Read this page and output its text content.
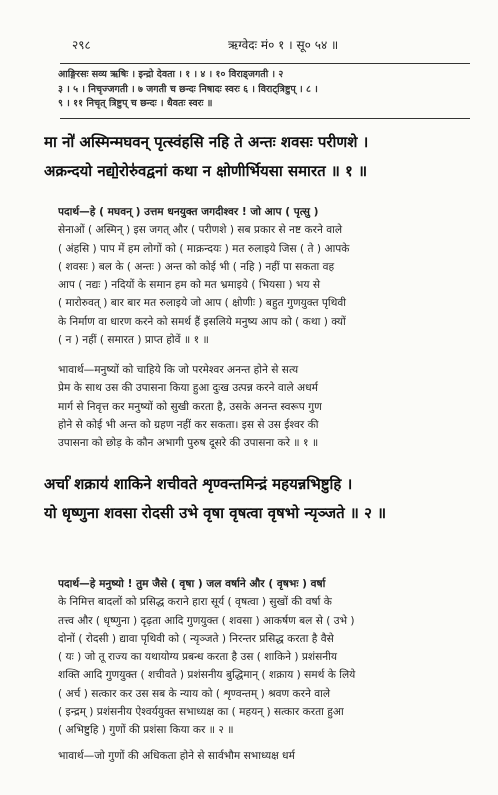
२९८	ऋग्वेदः मं० १ । सू० ५४ ॥
आङ्गिरसः सव्य ऋषिः । इन्द्रो देवता । १ । ४ । १० विराड्जगती । २
३ । ५ । निचृज्जगती । ७ जगती च छन्दः निषादः स्वरः ६ । विराट्त्रिष्टुप् । ८ ।
९ । ११ निचृत् त्रिष्टुप् च छन्दः । धैवतः स्वरः ॥
मा नो॑ अस्मिन्मघवन् पृत्स्वंहसि नहि ते अन्तः शवसः परीणशे ।
अक्रन्दयो नद्यो॒रोरु॑वद्वनां कथा न क्षोणीर्भियसा समारत ॥ १ ॥
पदार्थ—हे ( मघवन् ) उत्तम धनयुक्त जगदीश्वर ! जो आप ( पृत्सु )
सेनाओं ( अस्मिन् ) इस जगत् और ( परीणशे ) सब प्रकार से नष्ट करने वाले
( अंहसि ) पाप में हम लोगों को ( माक्रन्दयः ) मत रुलाइये जिस ( ते ) आपके
( शवसः ) बल के ( अन्तः ) अन्त को कोई भी ( नहि ) नहीं पा सकता वह
आप ( नद्यः ) नदियों के समान हम को मत भ्रमाइये ( भियसा ) भय से
( मारोरुवत् ) बार बार मत रुलाइये जो आप ( क्षोणीः ) बहुत गुणयुक्त पृथिवी
के निर्माण वा धारण करने को समर्थ हैं इसलिये मनुष्य आप को ( कथा ) क्यों
( न ) नहीं ( समारत ) प्राप्त होवें ॥ १ ॥
भावार्थ—मनुष्यों को चाहिये कि जो परमेश्वर अनन्त होने से सत्य
प्रेम के साथ उस की उपासना किया हुआ दुःख उत्पन्न करने वाले अधर्म
मार्ग से निवृत्त कर मनुष्यों को सुखी करता है, उसके अनन्त स्वरूप गुण
होने से कोई भी अन्त को ग्रहण नहीं कर सकता। इस से उस ईश्वर की
उपासना को छोड़ के कौन अभागी पुरुष दूसरे की उपासना करे ॥ १ ॥
अर्चा॑ शक्राय॑ शाकिने शचीवते शृण्वन्तमिन्द्रं महयन्नभिष्टुहि ।
यो धृष्णुना शवसा रोदसी उभे वृषा वृषत्वा वृषभो न्यृञ्जते ॥ २ ॥
पदार्थ—हे मनुष्यो ! तुम जैसे ( वृषा ) जल वर्षाने और ( वृषभः ) वर्षा
के निमित्त बादलों को प्रसिद्ध कराने हारा सूर्य ( वृषत्वा ) सुखों की वर्षा के
तत्त्व और ( धृष्णुना ) दृढ़ता आदि गुणयुक्त ( शवसा ) आकर्षण बल से ( उभे )
दोनों ( रोदसी ) द्यावा पृथिवी को ( न्यृञ्जते ) निरन्तर प्रसिद्ध करता है वैसे
( यः ) जो तू राज्य का यथायोग्य प्रबन्ध करता है उस ( शाकिने ) प्रशंसनीय
शक्ति आदि गुणयुक्त ( शचीवते ) प्रशंसनीय बुद्धिमान् ( शक्राय ) समर्थ के लिये
( अर्च ) सत्कार कर उस सब के न्याय को ( शृण्वन्तम् ) श्रवण करने वाले
( इन्द्रम् ) प्रशंसनीय ऐश्वर्ययुक्त सभाध्यक्ष का ( महयन् ) सत्कार करता हुआ
( अभिष्टुहि ) गुणों की प्रशंसा किया कर ॥ २ ॥
भावार्थ—जो गुणों की अधिकता होने से सार्वभौम सभाध्यक्ष धर्म
